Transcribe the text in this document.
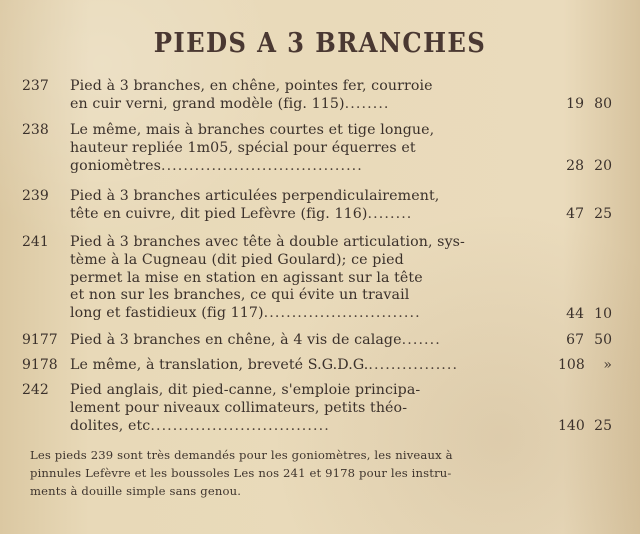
PIEDS A 3 BRANCHES
237	Pied à 3 branches, en chêne, pointes fer, courroie
en cuir verni, grand modèle (fig. 115)........	19 80
238	Le même, mais à branches courtes et tige longue,
hauteur repliée 1m05, spécial pour équerres et
goniomètres....................................	28 20
239	Pied à 3 branches articulées perpendiculairement,
tête en cuivre, dit pied Lefèvre (fig. 116)........	47 25
241	Pied à 3 branches avec tête à double articulation, sys-
tème à la Cugneau (dit pied Goulard); ce pied
permet la mise en station en agissant sur la tête
et non sur les branches, ce qui évite un travail
long et fastidieux (fig 117)............................	44 10
9177 Pied à 3 branches en chêne, à 4 vis de calage.......	67 50
9178 Le même, à translation, breveté S.G.D.G.................	108	»
242	Pied anglais, dit pied-canne, s'emploie principa-
lement pour niveaux collimateurs, petits théo-
dolites, etc................................	140 25
Les pieds 239 sont très demandés pour les goniomètres, les niveaux à
pinnules Lefèvre et les boussoles Les nos 241 et 9178 pour les instru-
ments à douille simple sans genou.
